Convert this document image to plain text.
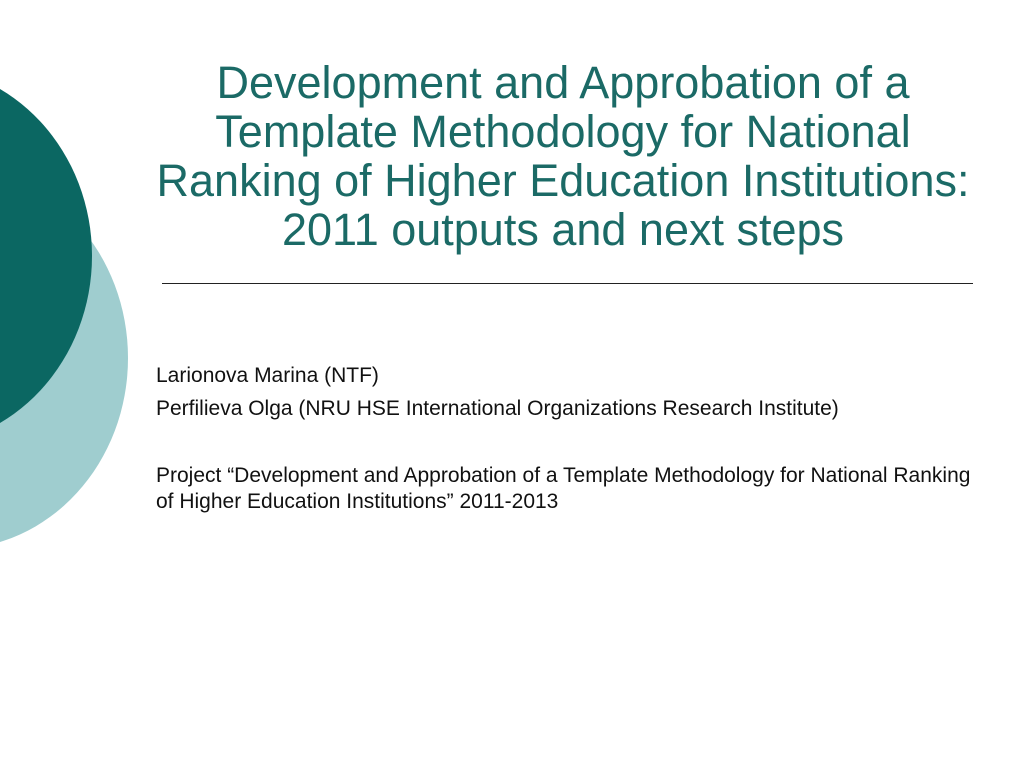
Development and Approbation of a Template Methodology for National Ranking of Higher Education Institutions: 2011 outputs and next steps

Larionova Marina (NTF)

Perfilieva Olga (NRU HSE International Organizations Research Institute)

Project “Development and Approbation of a Template Methodology for National Ranking of Higher Education Institutions” 2011-2013
